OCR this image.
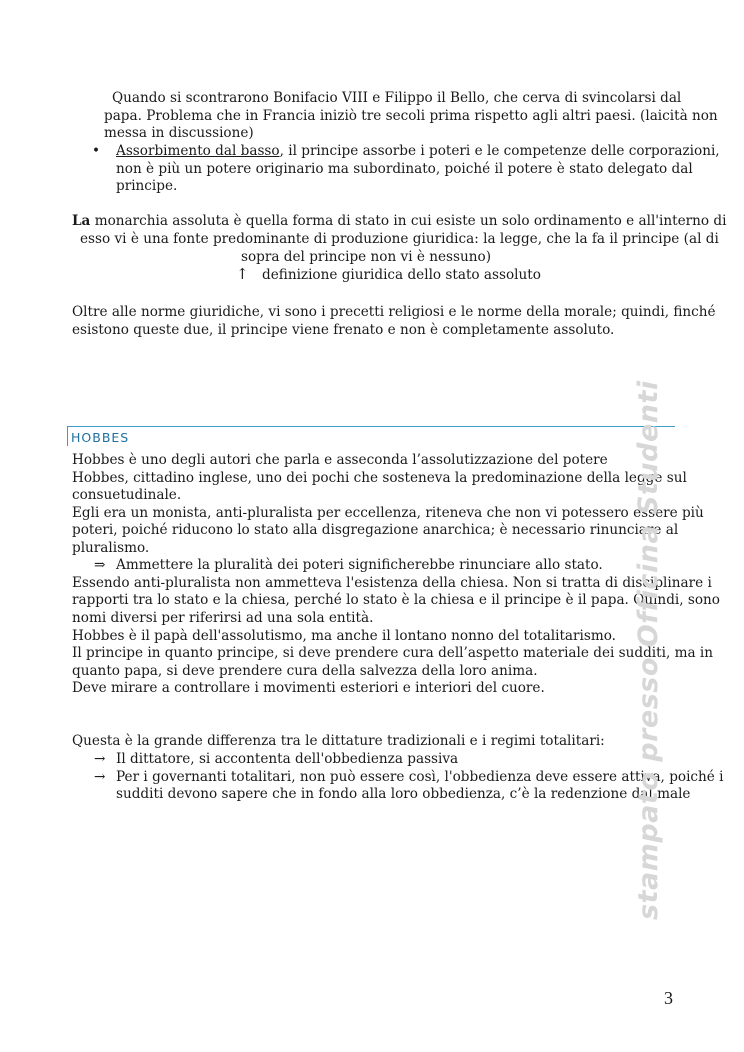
Quando si scontrarono Bonifacio VIII e Filippo il Bello, che cerva di svincolarsi dal
papa. Problema che in Francia iniziò tre secoli prima rispetto agli altri paesi. (laicità non
messa in discussione)
• Assorbimento dal basso, il principe assorbe i poteri e le competenze delle corporazioni,
non è più un potere originario ma subordinato, poiché il potere è stato delegato dal
principe.
La monarchia assoluta è quella forma di stato in cui esiste un solo ordinamento e all'interno di
esso vi è una fonte predominante di produzione giuridica: la legge, che la fa il principe (al di
sopra del principe non vi è nessuno)
↑ definizione giuridica dello stato assoluto
Oltre alle norme giuridiche, vi sono i precetti religiosi e le norme della morale; quindi, finché
esistono queste due, il principe viene frenato e non è completamente assoluto.
HOBBES
Hobbes è uno degli autori che parla e asseconda l’assolutizzazione del potere
Hobbes, cittadino inglese, uno dei pochi che sosteneva la predominazione della legge sul
consuetudinale.
Egli era un monista, anti-pluralista per eccellenza, riteneva che non vi potessero essere più
poteri, poiché riducono lo stato alla disgregazione anarchica; è necessario rinunciare al
pluralismo.
⇒ Ammettere la pluralità dei poteri significherebbe rinunciare allo stato.
Essendo anti-pluralista non ammetteva l'esistenza della chiesa. Non si tratta di disciplinare i
rapporti tra lo stato e la chiesa, perché lo stato è la chiesa e il principe è il papa. Quindi, sono
nomi diversi per riferirsi ad una sola entità.
Hobbes è il papà dell'assolutismo, ma anche il lontano nonno del totalitarismo.
Il principe in quanto principe, si deve prendere cura dell’aspetto materiale dei sudditi, ma in
quanto papa, si deve prendere cura della salvezza della loro anima.
Deve mirare a controllare i movimenti esteriori e interiori del cuore.
Questa è la grande differenza tra le dittature tradizionali e i regimi totalitari:
→ Il dittatore, si accontenta dell'obbedienza passiva
→ Per i governanti totalitari, non può essere così, l'obbedienza deve essere attiva, poiché i
sudditi devono sapere che in fondo alla loro obbedienza, c’è la redenzione dal male
stampato presso Officina Studenti
3
